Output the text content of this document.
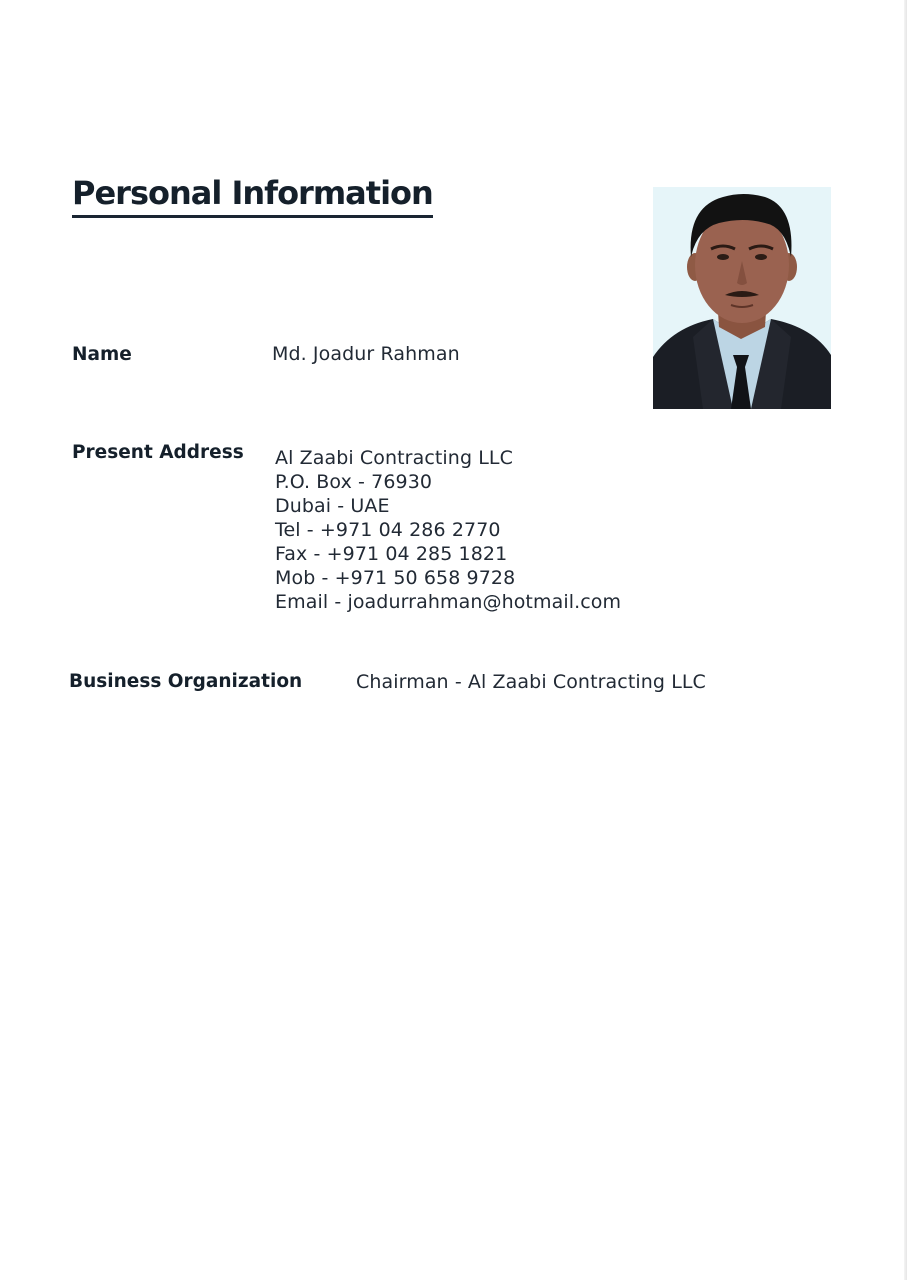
Personal Information
Name	Md. Joadur Rahman
Present Address Al Zaabi Contracting LLC
P.O. Box - 76930
Dubai - UAE
Tel - +971 04 286 2770
Fax - +971 04 285 1821
Mob - +971 50 658 9728
Email - joadurrahman@hotmail.com
Business Organization	Chairman - Al Zaabi Contracting LLC
